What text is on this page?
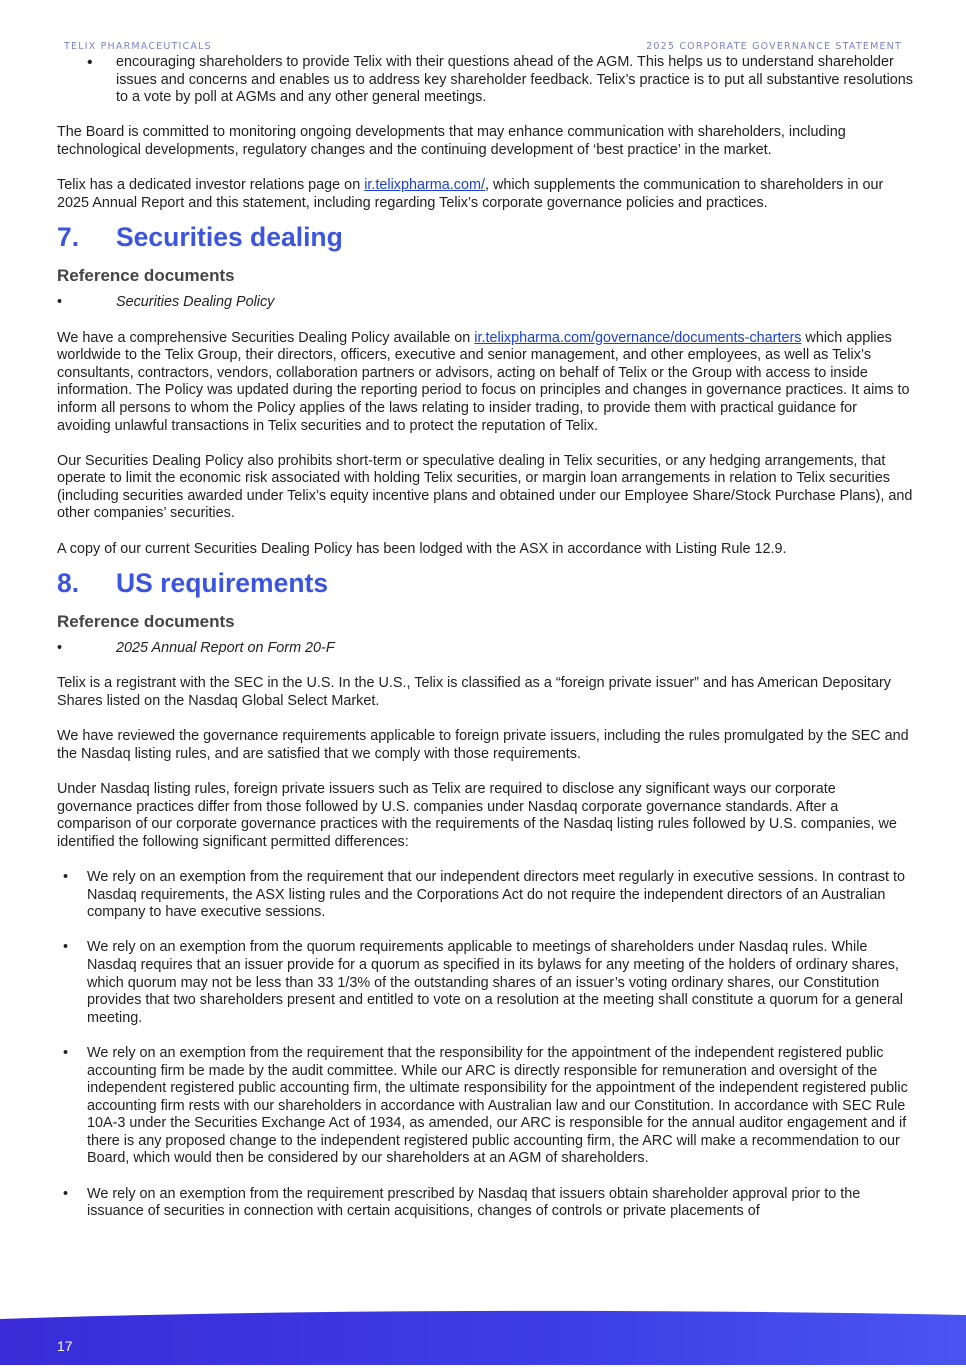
TELIX PHARMACEUTICALS	2025 CORPORATE GOVERNANCE STATEMENT
•	encouraging shareholders to provide Telix with their questions ahead of the AGM. This helps us to understand shareholder issues and concerns and enables us to address key shareholder feedback. Telix’s practice is to put all substantive resolutions to a vote by poll at AGMs and any other general meetings.

The Board is committed to monitoring ongoing developments that may enhance communication with shareholders, including technological developments, regulatory changes and the continuing development of ‘best practice’ in the market.

Telix has a dedicated investor relations page on ir.telixpharma.com/, which supplements the communication to shareholders in our 2025 Annual Report and this statement, including regarding Telix’s corporate governance policies and practices.

7.	Securities dealing
Reference documents
•	Securities Dealing Policy

We have a comprehensive Securities Dealing Policy available on ir.telixpharma.com/governance/documents-charters which applies worldwide to the Telix Group, their directors, officers, executive and senior management, and other employees, as well as Telix’s consultants, contractors, vendors, collaboration partners or advisors, acting on behalf of Telix or the Group with access to inside information. The Policy was updated during the reporting period to focus on principles and changes in governance practices. It aims to inform all persons to whom the Policy applies of the laws relating to insider trading, to provide them with practical guidance for avoiding unlawful transactions in Telix securities and to protect the reputation of Telix.

Our Securities Dealing Policy also prohibits short-term or speculative dealing in Telix securities, or any hedging arrangements, that operate to limit the economic risk associated with holding Telix securities, or margin loan arrangements in relation to Telix securities (including securities awarded under Telix’s equity incentive plans and obtained under our Employee Share/Stock Purchase Plans), and other companies’ securities.

A copy of our current Securities Dealing Policy has been lodged with the ASX in accordance with Listing Rule 12.9.

8.	US requirements
Reference documents
•	2025 Annual Report on Form 20-F

Telix is a registrant with the SEC in the U.S. In the U.S., Telix is classified as a “foreign private issuer” and has American Depositary Shares listed on the Nasdaq Global Select Market.

We have reviewed the governance requirements applicable to foreign private issuers, including the rules promulgated by the SEC and the Nasdaq listing rules, and are satisfied that we comply with those requirements.

Under Nasdaq listing rules, foreign private issuers such as Telix are required to disclose any significant ways our corporate governance practices differ from those followed by U.S. companies under Nasdaq corporate governance standards. After a comparison of our corporate governance practices with the requirements of the Nasdaq listing rules followed by U.S. companies, we identified the following significant permitted differences:

•	We rely on an exemption from the requirement that our independent directors meet regularly in executive sessions. In contrast to Nasdaq requirements, the ASX listing rules and the Corporations Act do not require the independent directors of an Australian company to have executive sessions.
•	We rely on an exemption from the quorum requirements applicable to meetings of shareholders under Nasdaq rules. While Nasdaq requires that an issuer provide for a quorum as specified in its bylaws for any meeting of the holders of ordinary shares, which quorum may not be less than 33 1/3% of the outstanding shares of an issuer’s voting ordinary shares, our Constitution provides that two shareholders present and entitled to vote on a resolution at the meeting shall constitute a quorum for a general meeting.
•	We rely on an exemption from the requirement that the responsibility for the appointment of the independent registered public accounting firm be made by the audit committee. While our ARC is directly responsible for remuneration and oversight of the independent registered public accounting firm, the ultimate responsibility for the appointment of the independent registered public accounting firm rests with our shareholders in accordance with Australian law and our Constitution. In accordance with SEC Rule 10A-3 under the Securities Exchange Act of 1934, as amended, our ARC is responsible for the annual auditor engagement and if there is any proposed change to the independent registered public accounting firm, the ARC will make a recommendation to our Board, which would then be considered by our shareholders at an AGM of shareholders.
•	We rely on an exemption from the requirement prescribed by Nasdaq that issuers obtain shareholder approval prior to the issuance of securities in connection with certain acquisitions, changes of controls or private placements of
17
